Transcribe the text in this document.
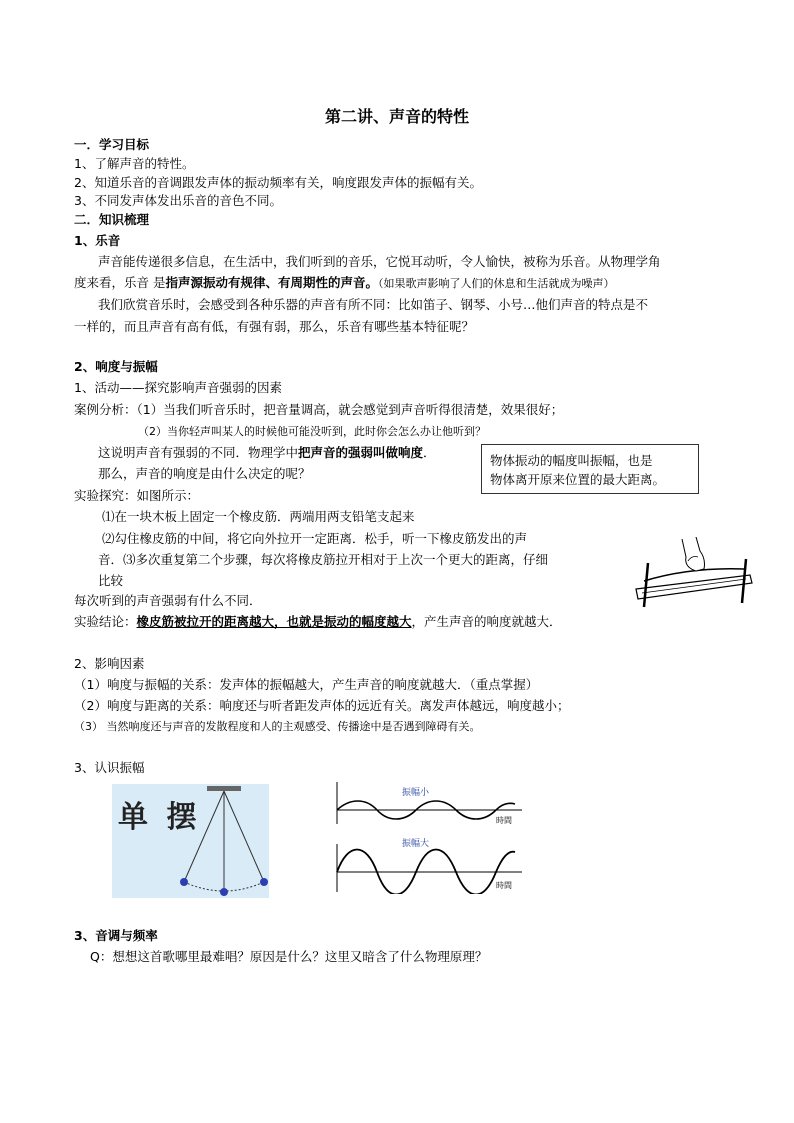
第二讲、声音的特性
一．学习目标
1、了解声音的特性。
2、知道乐音的音调跟发声体的振动频率有关，响度跟发声体的振幅有关。
3、不同发声体发出乐音的音色不同。
二．知识梳理
1、乐音
声音能传递很多信息，在生活中，我们听到的音乐，它悦耳动听，令人愉快，被称为乐音。从物理学角
度来看，乐音 是指声源振动有规律、有周期性的声音。（如果歌声影响了人们的休息和生活就成为噪声）
我们欣赏音乐时，会感受到各种乐器的声音有所不同：比如笛子、钢琴、小号…他们声音的特点是不
一样的，而且声音有高有低，有强有弱，那么，乐音有哪些基本特征呢？
2、响度与振幅
1、活动——探究影响声音强弱的因素
案例分析：（1）当我们听音乐时，把音量调高，就会感觉到声音听得很清楚，效果很好；
（2）当你轻声叫某人的时候他可能没听到，此时你会怎么办让他听到？
这说明声音有强弱的不同．物理学中把声音的强弱叫做响度．
那么，声音的响度是由什么决定的呢？
物体振动的幅度叫振幅，也是
物体离开原来位置的最大距离。
实验探究：如图所示：
⑴在一块木板上固定一个橡皮筋．两端用两支铅笔支起来
⑵勾住橡皮筋的中间，将它向外拉开一定距离．松手，听一下橡皮筋发出的声
音．⑶多次重复第二个步骤，每次将橡皮筋拉开相对于上次一个更大的距离，仔细
比较
每次听到的声音强弱有什么不同．
实验结论：橡皮筋被拉开的距离越大，也就是振动的幅度越大，产生声音的响度就越大．
2、影响因素
（1）响度与振幅的关系：发声体的振幅越大，产生声音的响度就越大．（重点掌握）
（2）响度与距离的关系：响度还与听者距发声体的远近有关。离发声体越远，响度越小；
（3） 当然响度还与声音的发散程度和人的主观感受、传播途中是否遇到障碍有关。
3、认识振幅
单 摆
振幅小
時間
振幅大
時間
3、音调与频率
Q：想想这首歌哪里最难唱？原因是什么？这里又暗含了什么物理原理？
